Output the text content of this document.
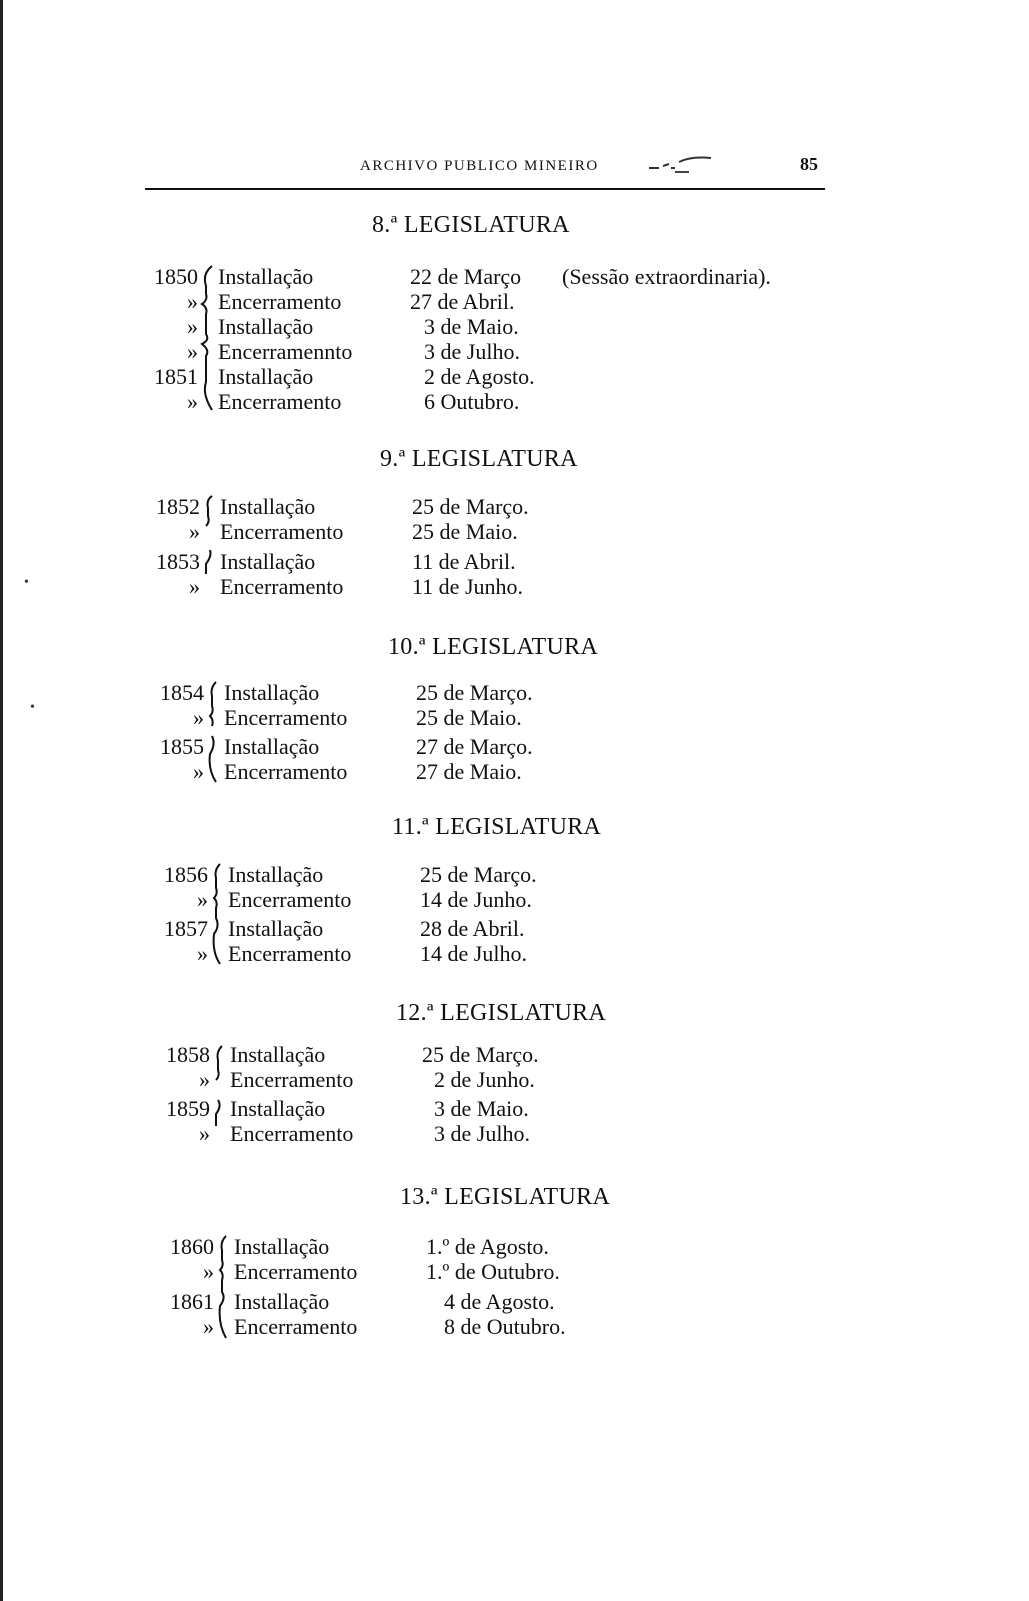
ARCHIVO PUBLICO MINEIRO	85
8.ª LEGISLATURA
1850 Installação	22 de Março (Sessão extraordinaria).
» Encerramento	27 de Abril.
» Installação	3 de Maio.
» Encerramennto	3 de Julho.
1851 Installação	2 de Agosto.
» Encerramento	6 Outubro.
9.ª LEGISLATURA
1852 Installação	25 de Março.
» Encerramento	25 de Maio.
1853 Installação	11 de Abril.
» Encerramento	11 de Junho.
10.ª LEGISLATURA
1854 Installação	25 de Março.
» Encerramento	25 de Maio.
1855 Installação	27 de Março.
» Encerramento	27 de Maio.
11.ª LEGISLATURA
1856 Installação	25 de Março.
» Encerramento	14 de Junho.
1857 Installação	28 de Abril.
» Encerramento	14 de Julho.
12.ª LEGISLATURA
1858 Installação	25 de Março.
» Encerramento	2 de Junho.
1859 Installação	3 de Maio.
» Encerramento	3 de Julho.
13.ª LEGISLATURA
1860 Installação	1.º de Agosto.
» Encerramento	1.º de Outubro.
1861 Installação	4 de Agosto.
» Encerramento	8 de Outubro.
•
•
